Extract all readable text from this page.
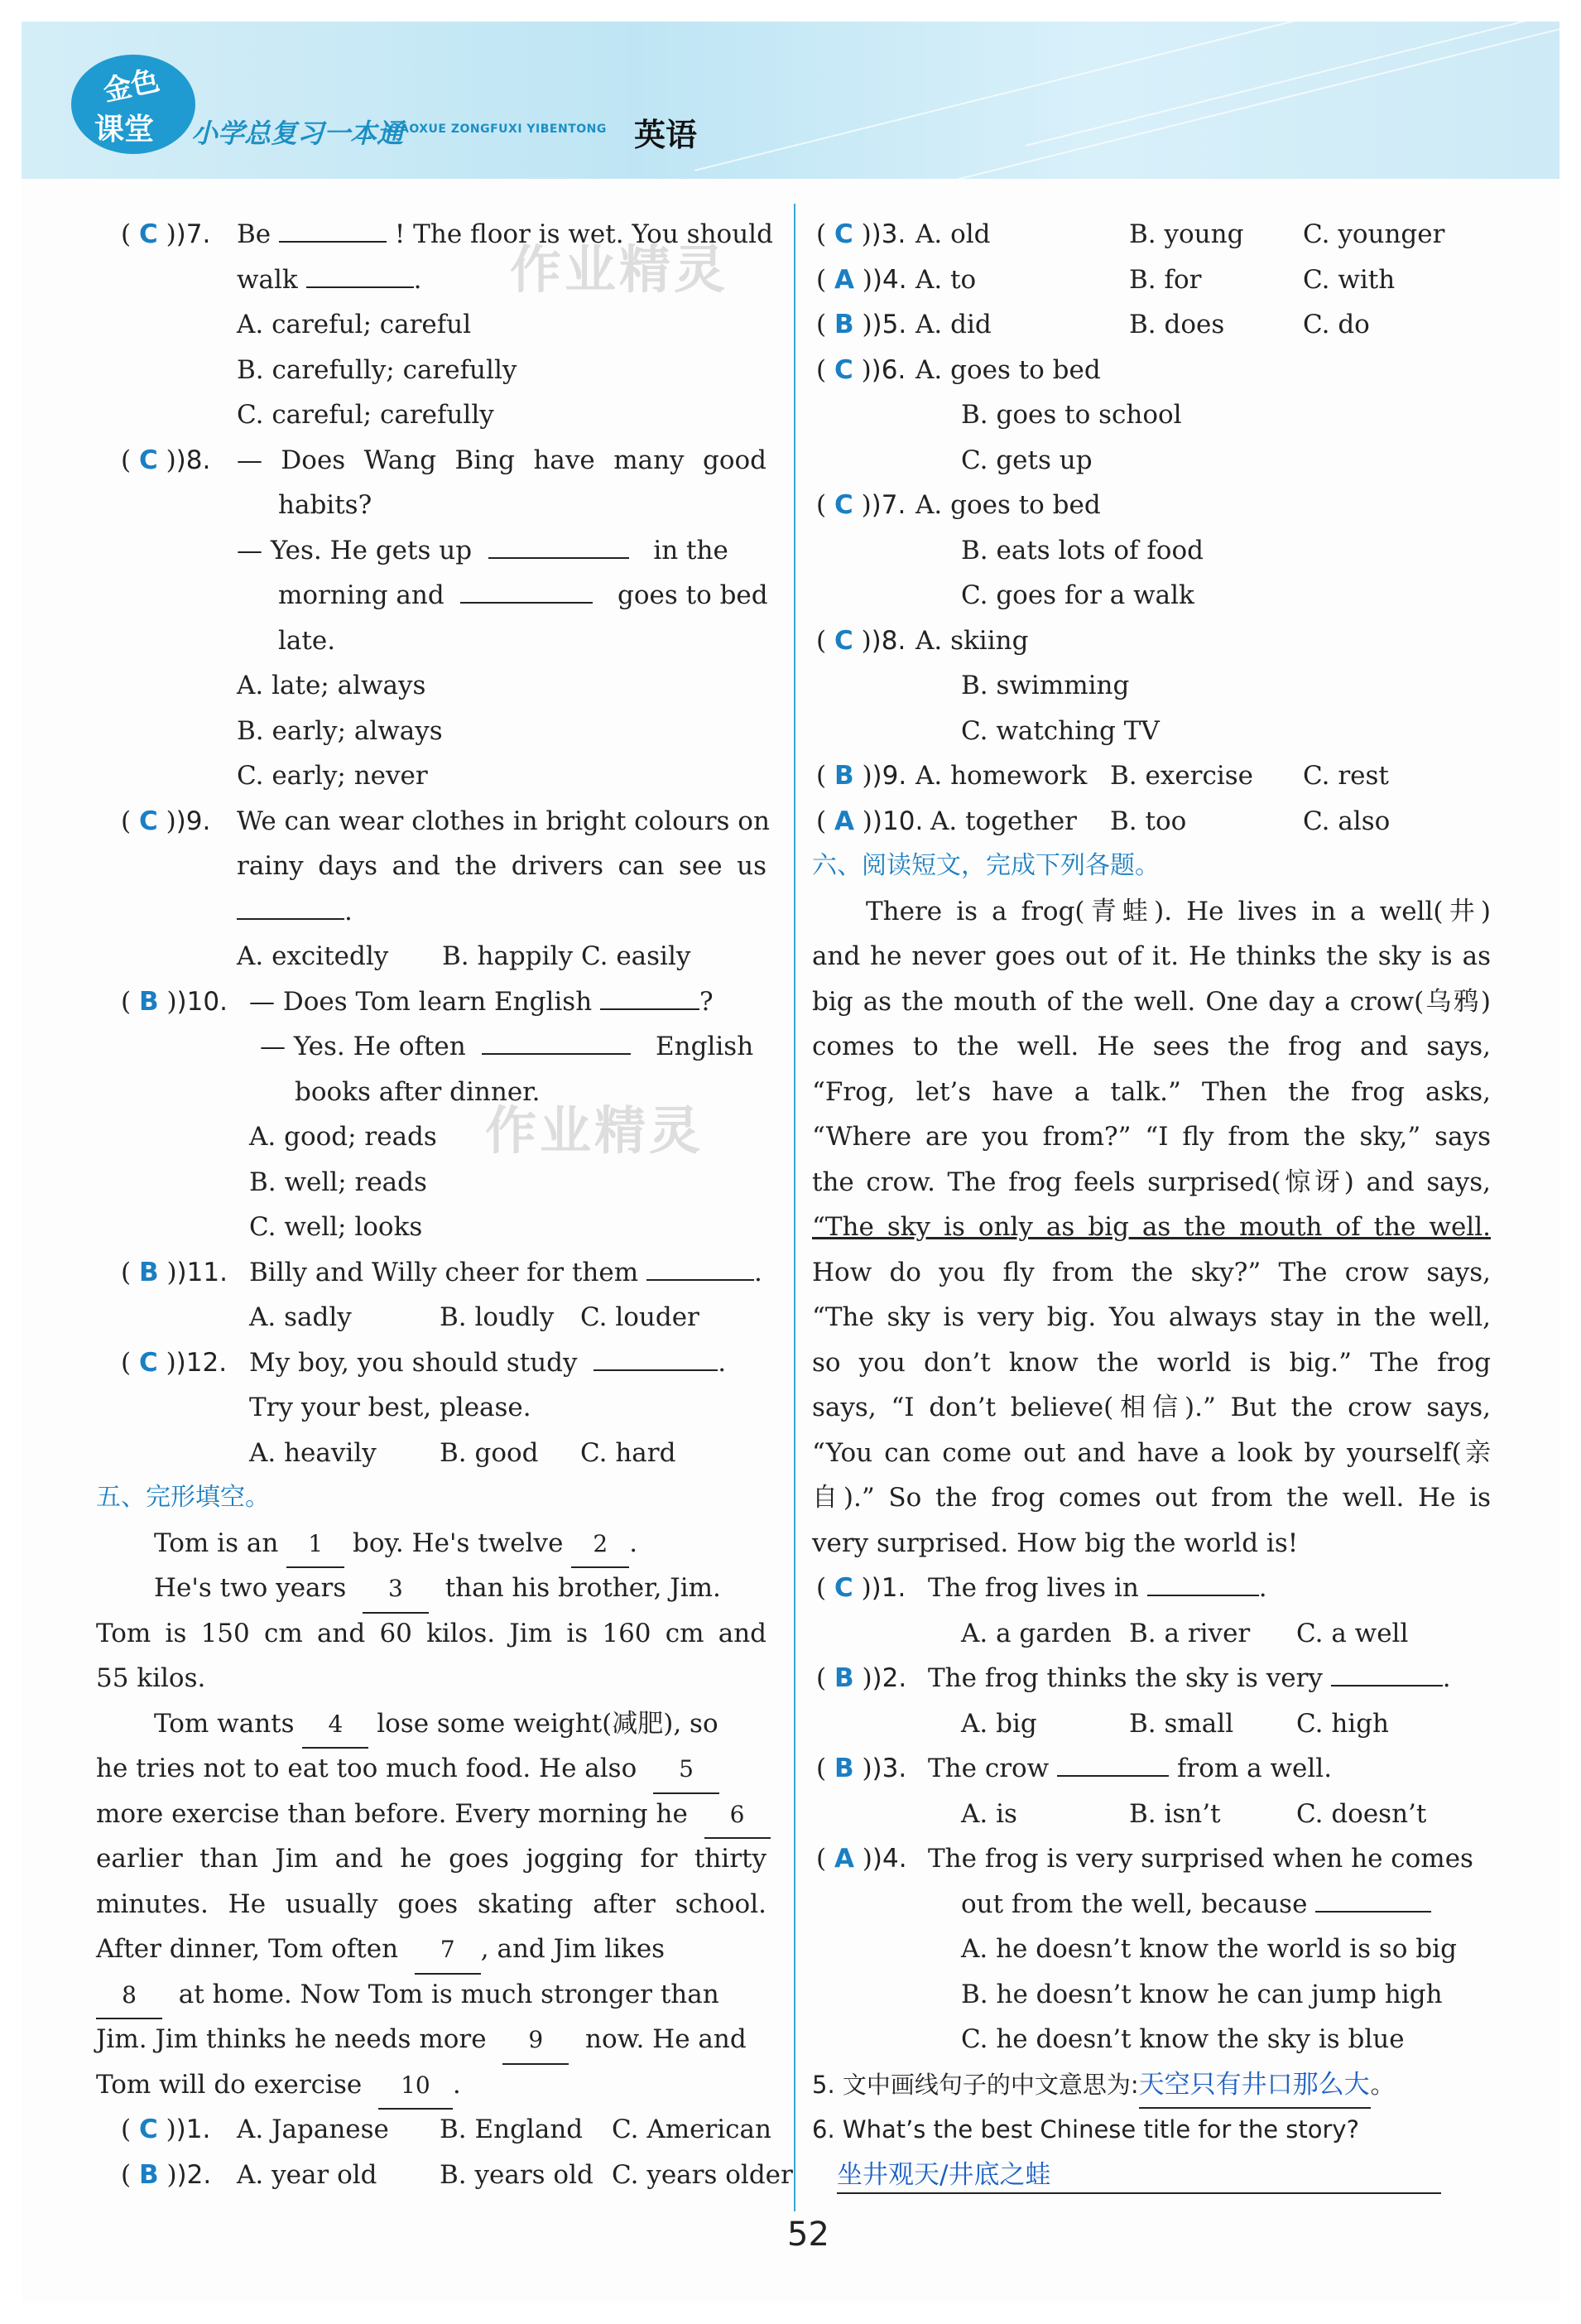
金色
课堂 小学总复习一本通
XIAOXUE ZONGFUXI YIBENTONG 英语
作业精灵
作业精灵
( C ))7. Be	! The floor is wet. You should
walk	.
A. careful; careful
B. carefully; carefully
C. careful; carefully
( C ))8. — Does Wang Bing have many good
habits?
— Yes. He gets up	in the
morning and	goes to bed
late.
A. late; always
B. early; always
C. early; never
( C ))9. We can wear clothes in bright colours on
rainy days and the drivers can see us
.
A. excitedly B. happily C. easily
( B ))10. — Does Tom learn English	?
— Yes. He often	English
books after dinner.
A. good; reads
B. well; reads
C. well; looks
( B ))11. Billy and Willy cheer for them	.
A. sadly	B. loudly C. louder
( C ))12. My boy, you should study	.
Try your best, please.
A. heavily B. good C. hard
五、完形填空。
Tom is an 1 boy. He's twelve 2 .
He's two years 3 than his brother, Jim.
Tom is 150 cm and 60 kilos. Jim is 160 cm and
55 kilos.
Tom wants 4 lose some weight(减肥), so
he tries not to eat too much food. He also 5
more exercise than before. Every morning he 6
earlier than Jim and he goes jogging for thirty
minutes. He usually goes skating after school.
After dinner, Tom often 7 , and Jim likes
8 at home. Now Tom is much stronger than
Jim. Jim thinks he needs more 9 now. He and
Tom will do exercise 10 .
( C ))1. A. Japanese B. England C. American
( B ))2. A. year old B. years old C. years older
( C ))3. A. old	B. young C. younger
( A ))4. A. to	B. for	C. with
( B ))5. A. did	B. does	C. do
( C ))6. A. goes to bed
B. goes to school
C. gets up
( C ))7. A. goes to bed
B. eats lots of food
C. goes for a walk
( C ))8. A. skiing
B. swimming
C. watching TV
( B ))9. A. homework B. exercise C. rest
( A ))10. A. together B. too	C. also
六、阅读短文，完成下列各题。
There is a frog(青蛙). He lives in a well(井)
and he never goes out of it. He thinks the sky is as
big as the mouth of the well. One day a crow(乌鸦)
comes to the well. He sees the frog and says,
“Frog, let’s have a talk.” Then the frog asks,
“Where are you from?” “I fly from the sky,” says
the crow. The frog feels surprised(惊讶) and says,
“The sky is only as big as the mouth of the well.
How do you fly from the sky?” The crow says,
“The sky is very big. You always stay in the well,
so you don’t know the world is big.” The frog
says, “I don’t believe(相信).” But the crow says,
“You can come out and have a look by yourself(亲
自).” So the frog comes out from the well. He is
very surprised. How big the world is!
( C ))1. The frog lives in	.
A. a garden B. a river C. a well
( B ))2. The frog thinks the sky is very	.
A. big	B. small C. high
( B ))3. The crow	from a well.
A. is	B. isn’t	C. doesn’t
( A ))4. The frog is very surprised when he comes
out from the well, because
A. he doesn’t know the world is so big
B. he doesn’t know he can jump high
C. he doesn’t know the sky is blue
5. 文中画线句子的中文意思为:天空只有井口那么大。
6. What’s the best Chinese title for the story?
坐井观天/井底之蛙
52
